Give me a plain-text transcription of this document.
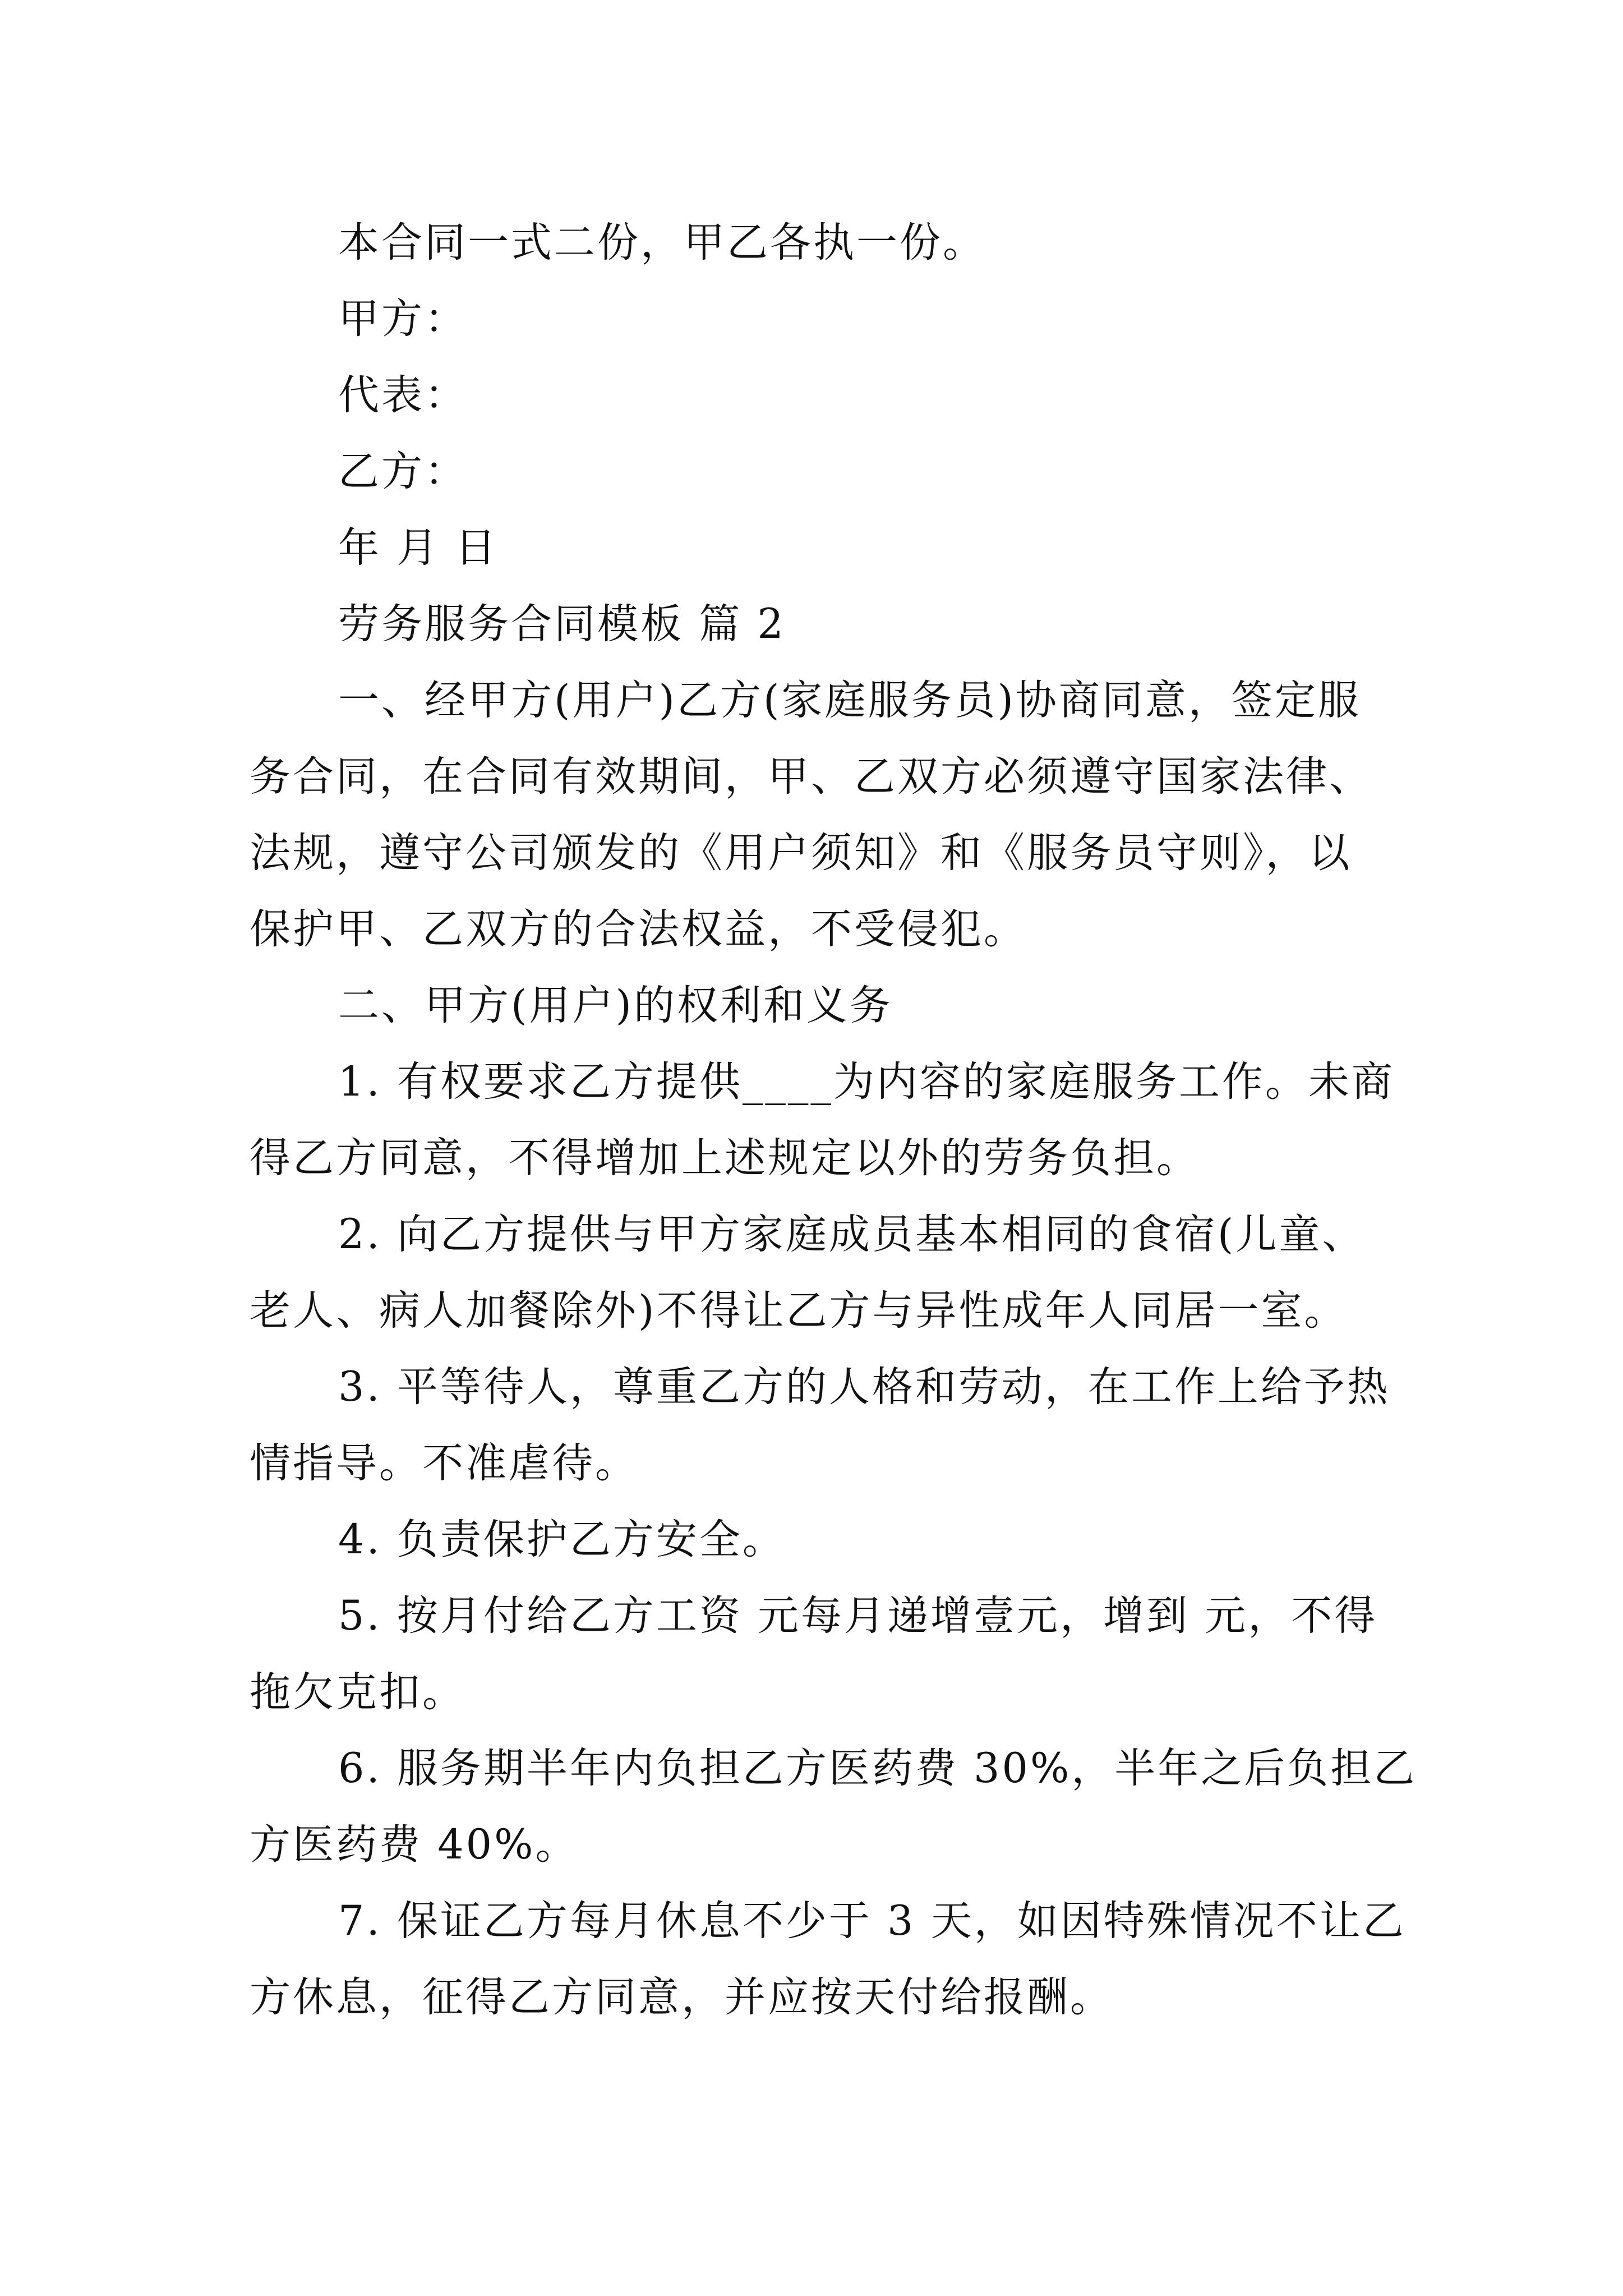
本合同一式二份，甲乙各执一份。
甲方：
代表：
乙方：
年 月 日
劳务服务合同模板 篇 2
一、经甲方(用户)乙方(家庭服务员)协商同意，签定服
务合同，在合同有效期间，甲、乙双方必须遵守国家法律、
法规，遵守公司颁发的《用户须知》和《服务员守则》，以
保护甲、乙双方的合法权益，不受侵犯。
二、甲方(用户)的权利和义务
1. 有权要求乙方提供____为内容的家庭服务工作。未商
得乙方同意，不得增加上述规定以外的劳务负担。
2. 向乙方提供与甲方家庭成员基本相同的食宿(儿童、
老人、病人加餐除外)不得让乙方与异性成年人同居一室。
3. 平等待人，尊重乙方的人格和劳动，在工作上给予热
情指导。不准虐待。
4. 负责保护乙方安全。
5. 按月付给乙方工资 元每月递增壹元，增到 元，不得
拖欠克扣。
6. 服务期半年内负担乙方医药费 30%，半年之后负担乙
方医药费 40%。
7. 保证乙方每月休息不少于 3 天，如因特殊情况不让乙
方休息，征得乙方同意，并应按天付给报酬。
